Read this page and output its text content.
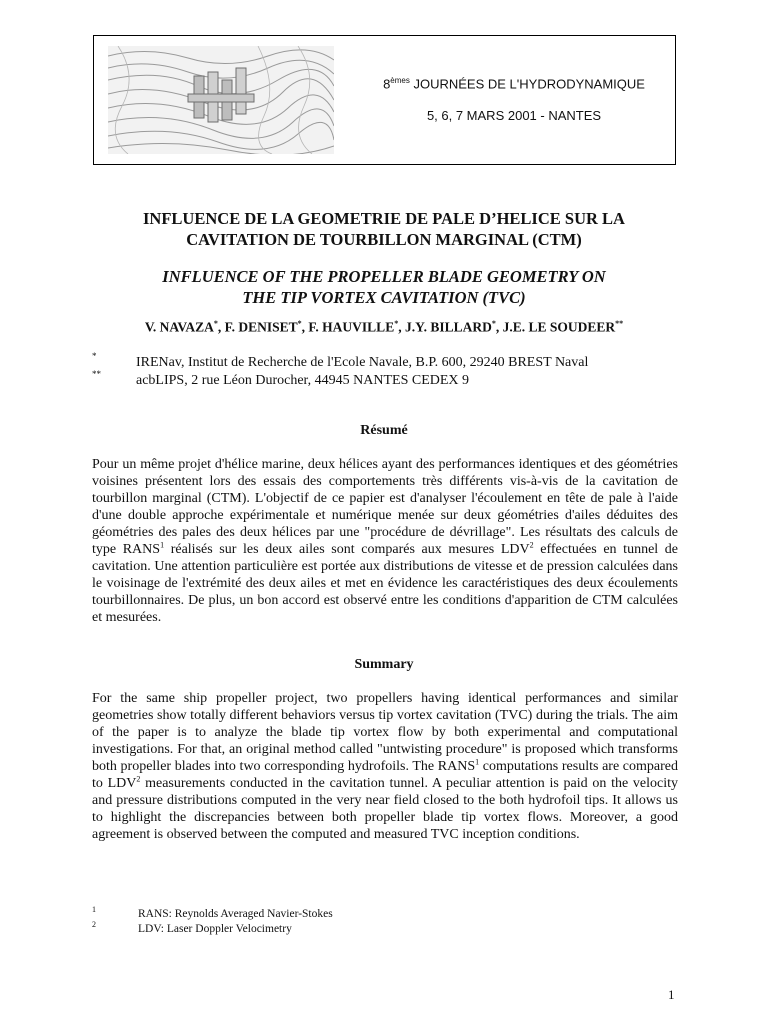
8èmes JOURNÉES DE L'HYDRODYNAMIQUE
5, 6, 7 MARS 2001 - NANTES
INFLUENCE DE LA GEOMETRIE DE PALE D’HELICE SUR LA
CAVITATION DE TOURBILLON MARGINAL (CTM)
INFLUENCE OF THE PROPELLER BLADE GEOMETRY ON
THE TIP VORTEX CAVITATION (TVC)
V. NAVAZA*, F. DENISET*, F. HAUVILLE*, J.Y. BILLARD*, J.E. LE SOUDEER**
*	IRENav, Institut de Recherche de l'Ecole Navale, B.P. 600, 29240 BREST Naval
**	acbLIPS, 2 rue Léon Durocher, 44945 NANTES CEDEX 9
Résumé

Pour un même projet d'hélice marine, deux hélices ayant des performances identiques et des géométries voisines présentent lors des essais des comportements très différents vis-à-vis de la cavitation de tourbillon marginal (CTM). L'objectif de ce papier est d'analyser l'écoulement en tête de pale à l'aide d'une double approche expérimentale et numérique menée sur deux géométries d'ailes déduites des géométries des pales des deux hélices par une "procédure de dévrillage". Les résultats des calculs de type RANS$^1$ réalisés sur les deux ailes sont comparés aux mesures LDV$^2$ effectuées en tunnel de cavitation. Une attention particulière est portée aux distributions de vitesse et de pression calculées dans le voisinage de l'extrémité des deux ailes et met en évidence les caractéristiques des deux écoulements tourbillonnaires. De plus, un bon accord est observé entre les conditions d'apparition de CTM calculées et mesurées.

Summary

For the same ship propeller project, two propellers having identical performances and similar geometries show totally different behaviors versus tip vortex cavitation (TVC) during the trials. The aim of the paper is to analyze the blade tip vortex flow by both experimental and computational investigations. For that, an original method called "untwisting procedure" is proposed which transforms both propeller blades into two corresponding hydrofoils. The RANS$^1$ computations results are compared to LDV$^2$ measurements conducted in the cavitation tunnel. A peculiar attention is paid on the velocity and pressure distributions computed in the very near field closed to the both hydrofoil tips. It allows us to highlight the discrepancies between both propeller blade tip vortex flows. Moreover, a good agreement is observed between the computed and measured TVC inception conditions.

1	RANS: Reynolds Averaged Navier-Stokes
2	LDV: Laser Doppler Velocimetry
1
